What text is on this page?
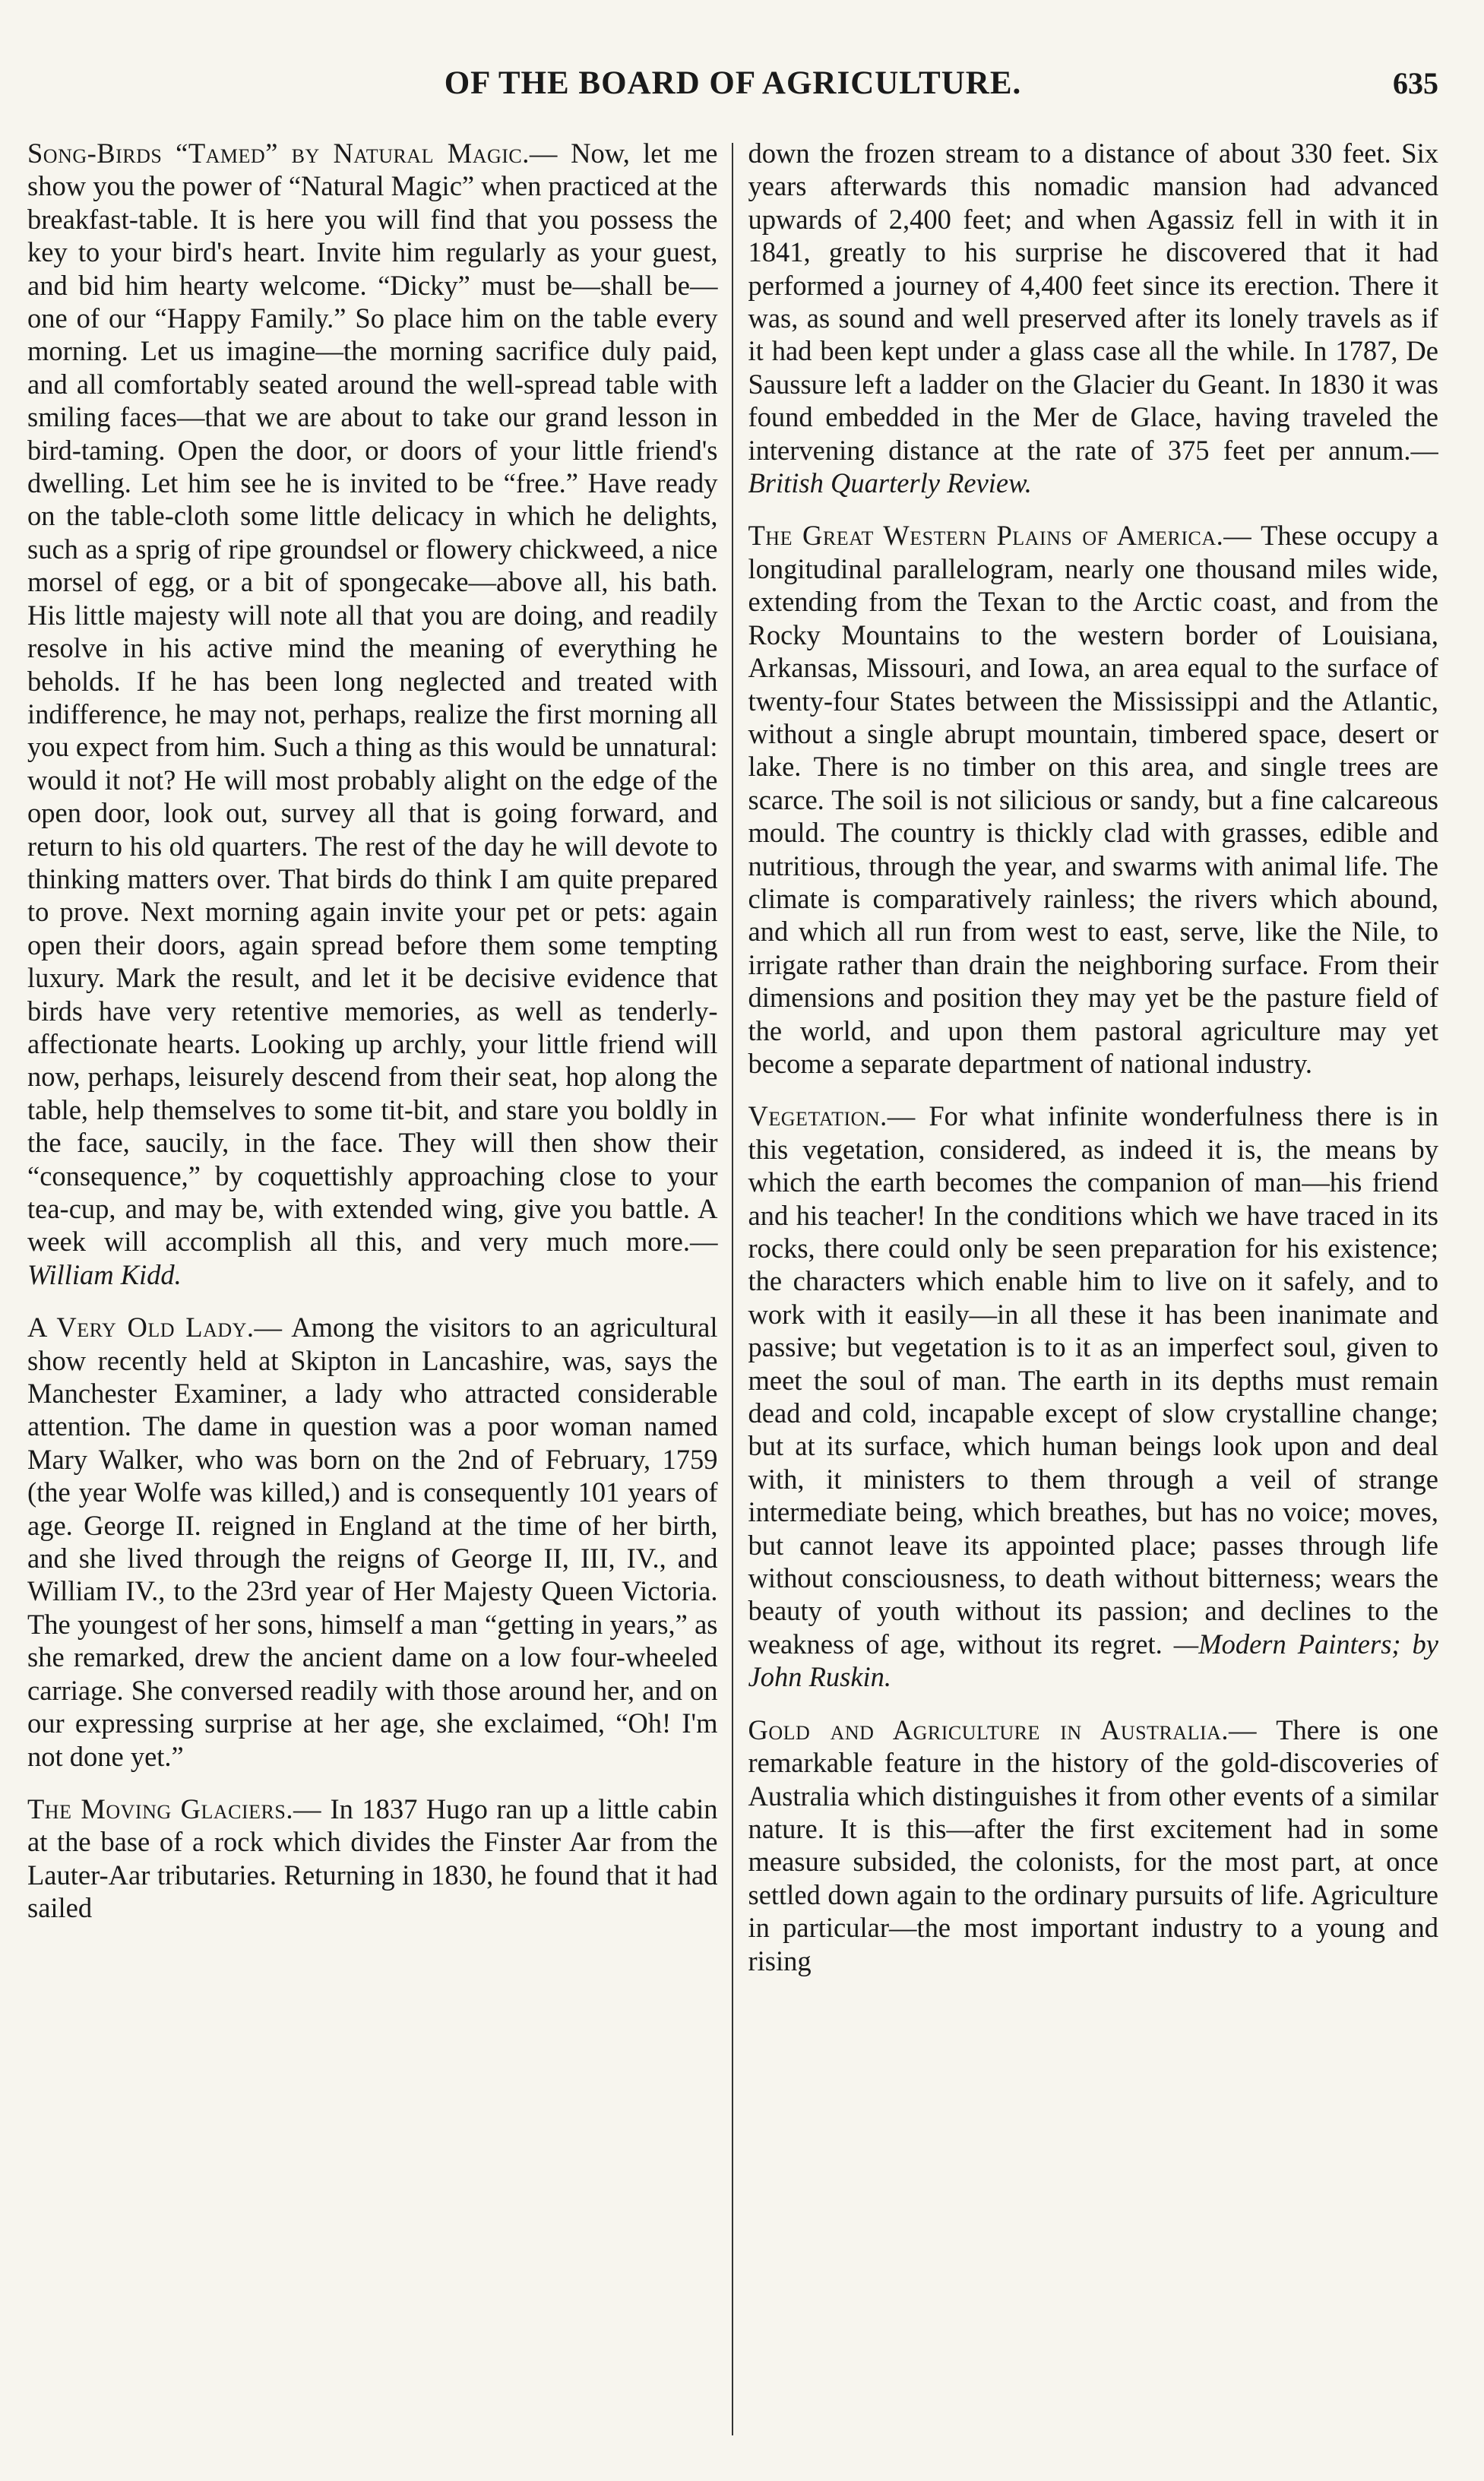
OF THE BOARD OF AGRICULTURE.	635

Song-Birds “Tamed” by Natural Magic.— Now, let me show you the power of “Natural Magic” when practiced at the breakfast-table. It is here you will find that you possess the key to your bird's heart. Invite him regularly as your guest, and bid him hearty welcome. “Dicky” must be—shall be—one of our “Happy Family.” So place him on the table every morning. Let us imagine—the morning sacrifice duly paid, and all comfortably seated around the well-spread table with smiling faces—that we are about to take our grand lesson in bird-taming. Open the door, or doors of your little friend's dwelling. Let him see he is invited to be “free.” Have ready on the table-cloth some little delicacy in which he delights, such as a sprig of ripe groundsel or flowery chickweed, a nice morsel of egg, or a bit of spongecake—above all, his bath. His little majesty will note all that you are doing, and readily resolve in his active mind the meaning of everything he beholds. If he has been long neglected and treated with indifference, he may not, perhaps, realize the first morning all you expect from him. Such a thing as this would be unnatural: would it not? He will most probably alight on the edge of the open door, look out, survey all that is going forward, and return to his old quarters. The rest of the day he will devote to thinking matters over. That birds do think I am quite prepared to prove. Next morning again invite your pet or pets: again open their doors, again spread before them some tempting luxury. Mark the result, and let it be decisive evidence that birds have very retentive memories, as well as tenderly-affectionate hearts. Looking up archly, your little friend will now, perhaps, leisurely descend from their seat, hop along the table, help themselves to some tit-bit, and stare you boldly in the face, saucily, in the face. They will then show their “consequence,” by coquettishly approaching close to your tea-cup, and may be, with extended wing, give you battle. A week will accomplish all this, and very much more.— William Kidd.

A Very Old Lady.— Among the visitors to an agricultural show recently held at Skipton in Lancashire, was, says the Manchester Examiner, a lady who attracted considerable attention. The dame in question was a poor woman named Mary Walker, who was born on the 2nd of February, 1759 (the year Wolfe was killed,) and is consequently 101 years of age. George II. reigned in England at the time of her birth, and she lived through the reigns of George II, III, IV., and William IV., to the 23rd year of Her Majesty Queen Victoria. The youngest of her sons, himself a man “getting in years,” as she remarked, drew the ancient dame on a low four-wheeled carriage. She conversed readily with those around her, and on our expressing surprise at her age, she exclaimed, “Oh! I'm not done yet.”

The Moving Glaciers.— In 1837 Hugo ran up a little cabin at the base of a rock which divides the Finster Aar from the Lauter-Aar tributaries. Returning in 1830, he found that it had sailed

down the frozen stream to a distance of about 330 feet. Six years afterwards this nomadic mansion had advanced upwards of 2,400 feet; and when Agassiz fell in with it in 1841, greatly to his surprise he discovered that it had performed a journey of 4,400 feet since its erection. There it was, as sound and well preserved after its lonely travels as if it had been kept under a glass case all the while. In 1787, De Saussure left a ladder on the Glacier du Geant. In 1830 it was found embedded in the Mer de Glace, having traveled the intervening distance at the rate of 375 feet per annum.— British Quarterly Review.

The Great Western Plains of America.— These occupy a longitudinal parallelogram, nearly one thousand miles wide, extending from the Texan to the Arctic coast, and from the Rocky Mountains to the western border of Louisiana, Arkansas, Missouri, and Iowa, an area equal to the surface of twenty-four States between the Mississippi and the Atlantic, without a single abrupt mountain, timbered space, desert or lake. There is no timber on this area, and single trees are scarce. The soil is not silicious or sandy, but a fine calcareous mould. The country is thickly clad with grasses, edible and nutritious, through the year, and swarms with animal life. The climate is comparatively rainless; the rivers which abound, and which all run from west to east, serve, like the Nile, to irrigate rather than drain the neighboring surface. From their dimensions and position they may yet be the pasture field of the world, and upon them pastoral agriculture may yet become a separate department of national industry.

Vegetation.— For what infinite wonderfulness there is in this vegetation, considered, as indeed it is, the means by which the earth becomes the companion of man—his friend and his teacher! In the conditions which we have traced in its rocks, there could only be seen preparation for his existence; the characters which enable him to live on it safely, and to work with it easily—in all these it has been inanimate and passive; but vegetation is to it as an imperfect soul, given to meet the soul of man. The earth in its depths must remain dead and cold, incapable except of slow crystalline change; but at its surface, which human beings look upon and deal with, it ministers to them through a veil of strange intermediate being, which breathes, but has no voice; moves, but cannot leave its appointed place; passes through life without consciousness, to death without bitterness; wears the beauty of youth without its passion; and declines to the weakness of age, without its regret. —Modern Painters; by John Ruskin.

Gold and Agriculture in Australia.— There is one remarkable feature in the history of the gold-discoveries of Australia which distinguishes it from other events of a similar nature. It is this—after the first excitement had in some measure subsided, the colonists, for the most part, at once settled down again to the ordinary pursuits of life. Agriculture in particular—the most important industry to a young and rising
